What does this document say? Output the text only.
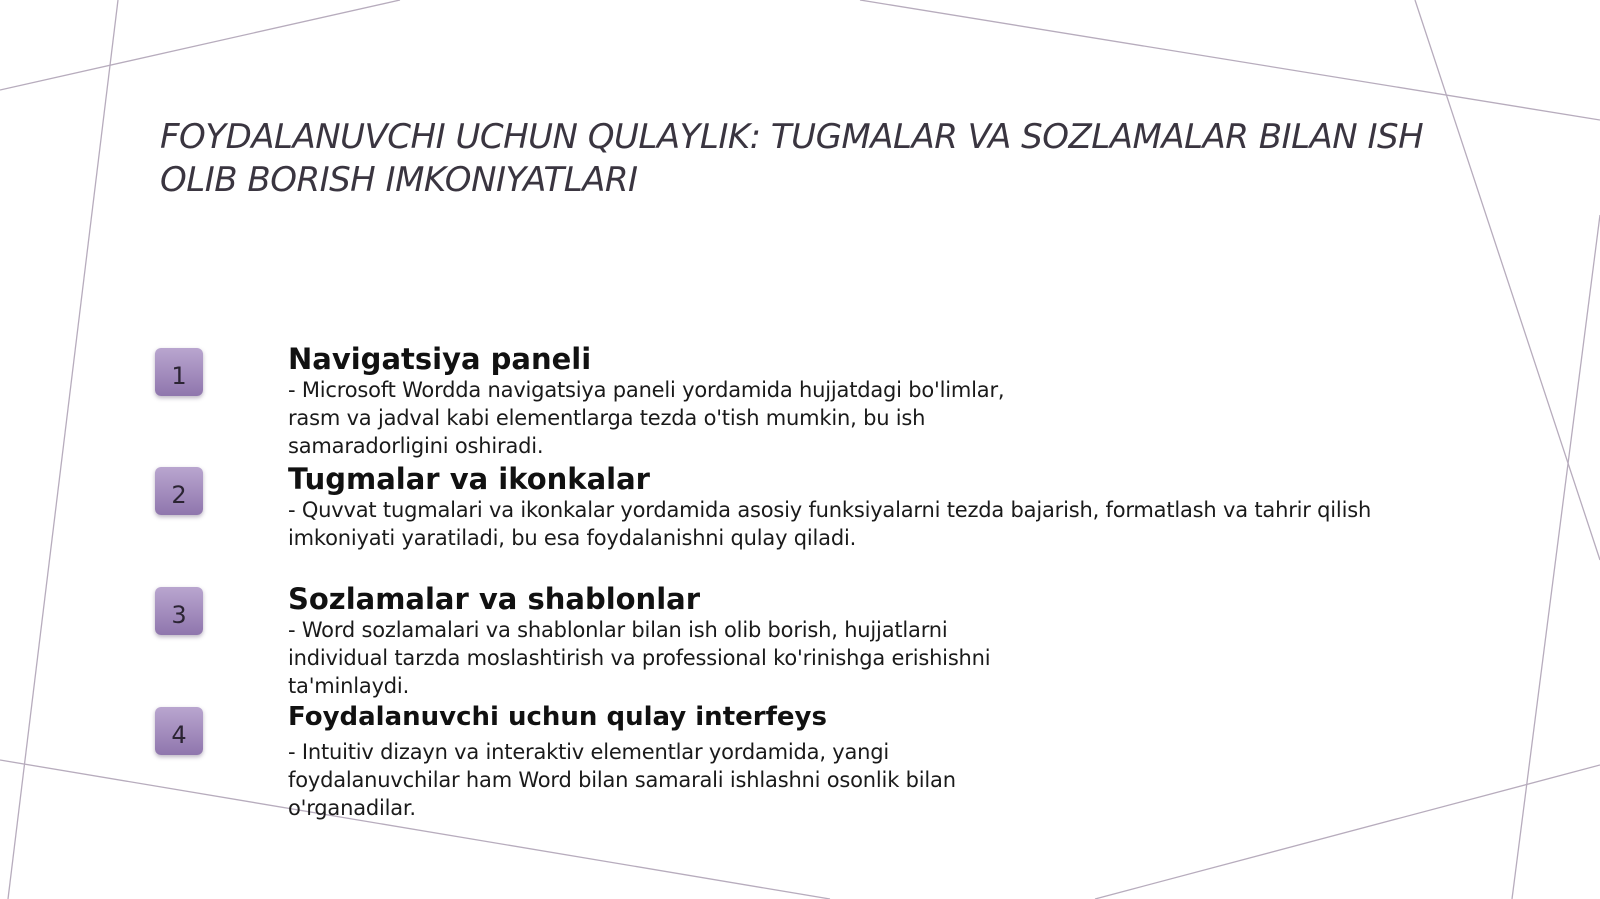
FOYDALANUVCHI UCHUN QULAYLIK: TUGMALAR VA SOZLAMALAR BILAN ISH OLIB BORISH IMKONIYATLARI
1	Navigatsiya paneli

- Microsoft Wordda navigatsiya paneli yordamida hujjatdagi bo'limlar,
rasm va jadval kabi elementlarga tezda o'tish mumkin, bu ish
samaradorligini oshiradi.

2	Tugmalar va ikonkalar

- Quvvat tugmalari va ikonkalar yordamida asosiy funksiyalarni tezda bajarish, formatlash va tahrir qilish
imkoniyati yaratiladi, bu esa foydalanishni qulay qiladi.

3	Sozlamalar va shablonlar

- Word sozlamalari va shablonlar bilan ish olib borish, hujjatlarni
individual tarzda moslashtirish va professional ko'rinishga erishishni
ta'minlaydi.

4
Foydalanuvchi uchun qulay interfeys

- Intuitiv dizayn va interaktiv elementlar yordamida, yangi
foydalanuvchilar ham Word bilan samarali ishlashni osonlik bilan
o'rganadilar.
